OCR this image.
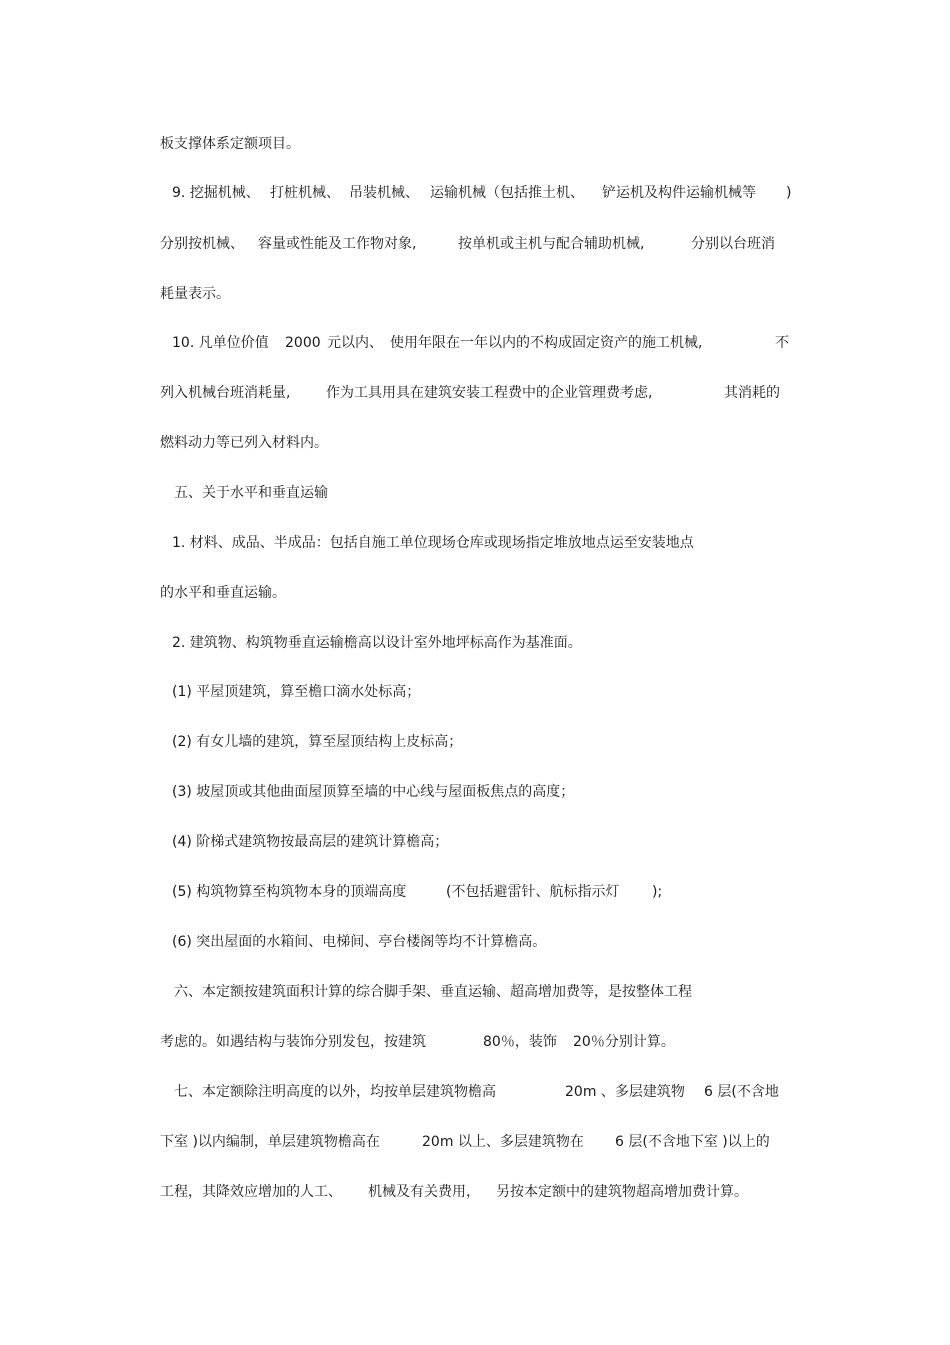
板支撑体系定额项目。
9. 挖掘机械、 打桩机械、 吊装机械、 运输机械（包括推土机、 铲运机及构件运输机械等 )
分别按机械、 容量或性能及工作物对象,	按单机或主机与配合辅助机械,	分别以台班消
耗量表示。
10. 凡单位价值 2000 元以内、 使用年限在一年以内的不构成固定资产的施工机械,	不
列入机械台班消耗量,	作为工具用具在建筑安装工程费中的企业管理费考虑,	其消耗的
燃料动力等已列入材料内。
五、关于水平和垂直运输
1. 材料、成品、半成品：包括自施工单位现场仓库或现场指定堆放地点运至安装地点
的水平和垂直运输。
2. 建筑物、构筑物垂直运输檐高以设计室外地坪标高作为基准面。
(1) 平屋顶建筑，算至檐口滴水处标高；
(2) 有女儿墙的建筑，算至屋顶结构上皮标高；
(3) 坡屋顶或其他曲面屋顶算至墙的中心线与屋面板焦点的高度；
(4) 阶梯式建筑物按最高层的建筑计算檐高；
(5) 构筑物算至构筑物本身的顶端高度	(不包括避雷针、航标指示灯 );
(6) 突出屋面的水箱间、电梯间、亭台楼阁等均不计算檐高。
六、本定额按建筑面积计算的综合脚手架、垂直运输、超高增加费等，是按整体工程
考虑的。如遇结构与装饰分别发包，按建筑	80％，装饰 20％分别计算。
七、本定额除注明高度的以外，均按单层建筑物檐高	20m 、多层建筑物 6 层(不含地
下室 )以内编制，单层建筑物檐高在	20m 以上、多层建筑物在 6 层(不含地下室 )以上的
工程，其降效应增加的人工、 机械及有关费用， 另按本定额中的建筑物超高增加费计算。
